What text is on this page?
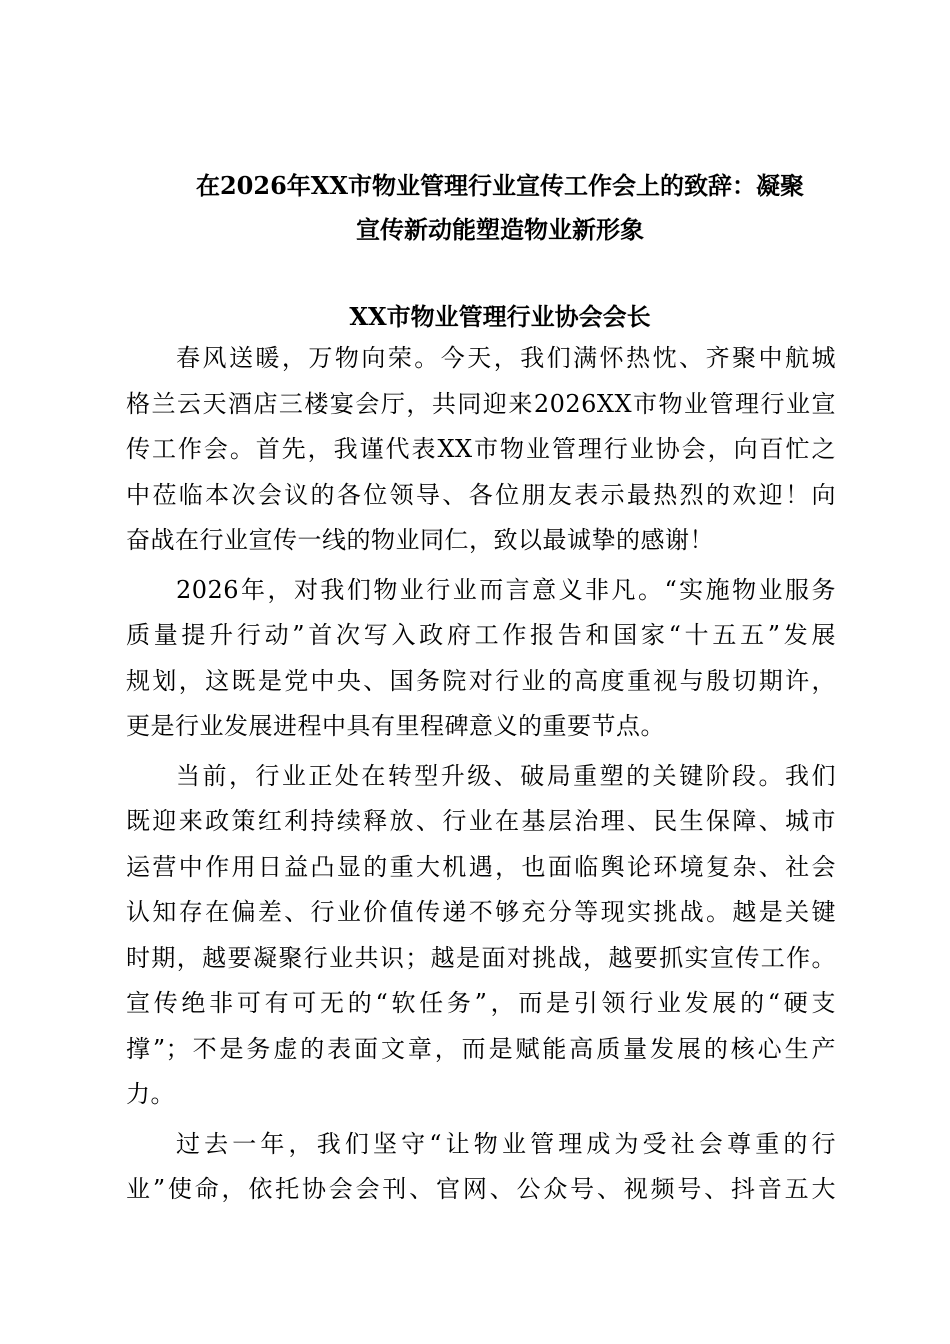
在2026年XX市物业管理行业宣传工作会上的致辞：凝聚
宣传新动能塑造物业新形象

XX市物业管理行业协会会长

春风送暖，万物向荣。今天，我们满怀热忱、齐聚中航城
格兰云天酒店三楼宴会厅，共同迎来2026XX市物业管理行业宣
传工作会。首先，我谨代表XX市物业管理行业协会，向百忙之
中莅临本次会议的各位领导、各位朋友表示最热烈的欢迎！向
奋战在行业宣传一线的物业同仁，致以最诚挚的感谢！
2026年，对我们物业行业而言意义非凡。“实施物业服务
质量提升行动”首次写入政府工作报告和国家“十五五”发展
规划，这既是党中央、国务院对行业的高度重视与殷切期许，
更是行业发展进程中具有里程碑意义的重要节点。
当前，行业正处在转型升级、破局重塑的关键阶段。我们
既迎来政策红利持续释放、行业在基层治理、民生保障、城市
运营中作用日益凸显的重大机遇，也面临舆论环境复杂、社会
认知存在偏差、行业价值传递不够充分等现实挑战。越是关键
时期，越要凝聚行业共识；越是面对挑战，越要抓实宣传工作。
宣传绝非可有可无的“软任务”，而是引领行业发展的“硬支
撑”；不是务虚的表面文章，而是赋能高质量发展的核心生产
力。
过去一年，我们坚守“让物业管理成为受社会尊重的行
业”使命，依托协会会刊、官网、公众号、视频号、抖音五大
